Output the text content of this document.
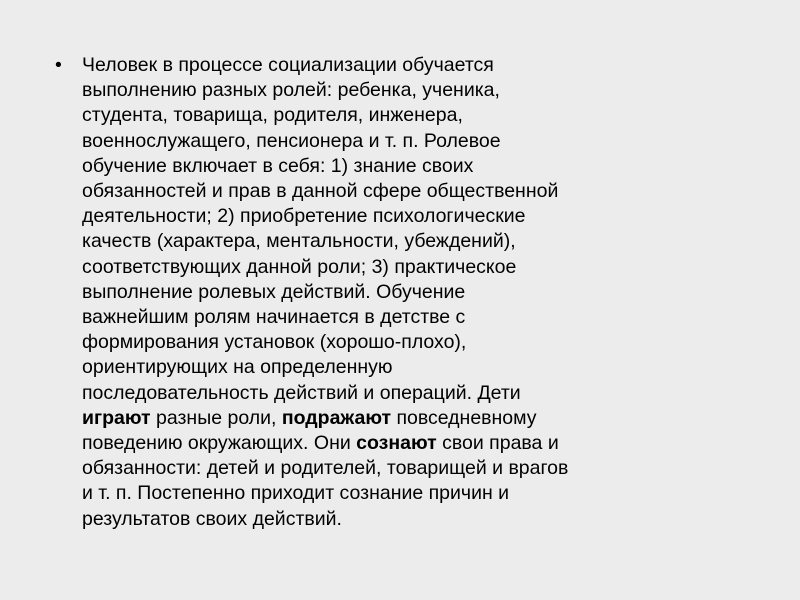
• Человек в процессе социализации обучается
выполнению разных ролей: ребенка, ученика,
студента, товарища, родителя, инженера,
военнослужащего, пенсионера и т. п. Ролевое
обучение включает в себя: 1) знание своих
обязанностей и прав в данной сфере общественной
деятельности; 2) приобретение психологические
качеств (характера, ментальности, убеждений),
соответствующих данной роли; 3) практическое
выполнение ролевых действий. Обучение
важнейшим ролям начинается в детстве с
формирования установок (хорошо-плохо),
ориентирующих на определенную
последовательность действий и операций. Дети
играют разные роли, подражают повседневному
поведению окружающих. Они сознают свои права и
обязанности: детей и родителей, товарищей и врагов
и т. п. Постепенно приходит сознание причин и
результатов своих действий.
